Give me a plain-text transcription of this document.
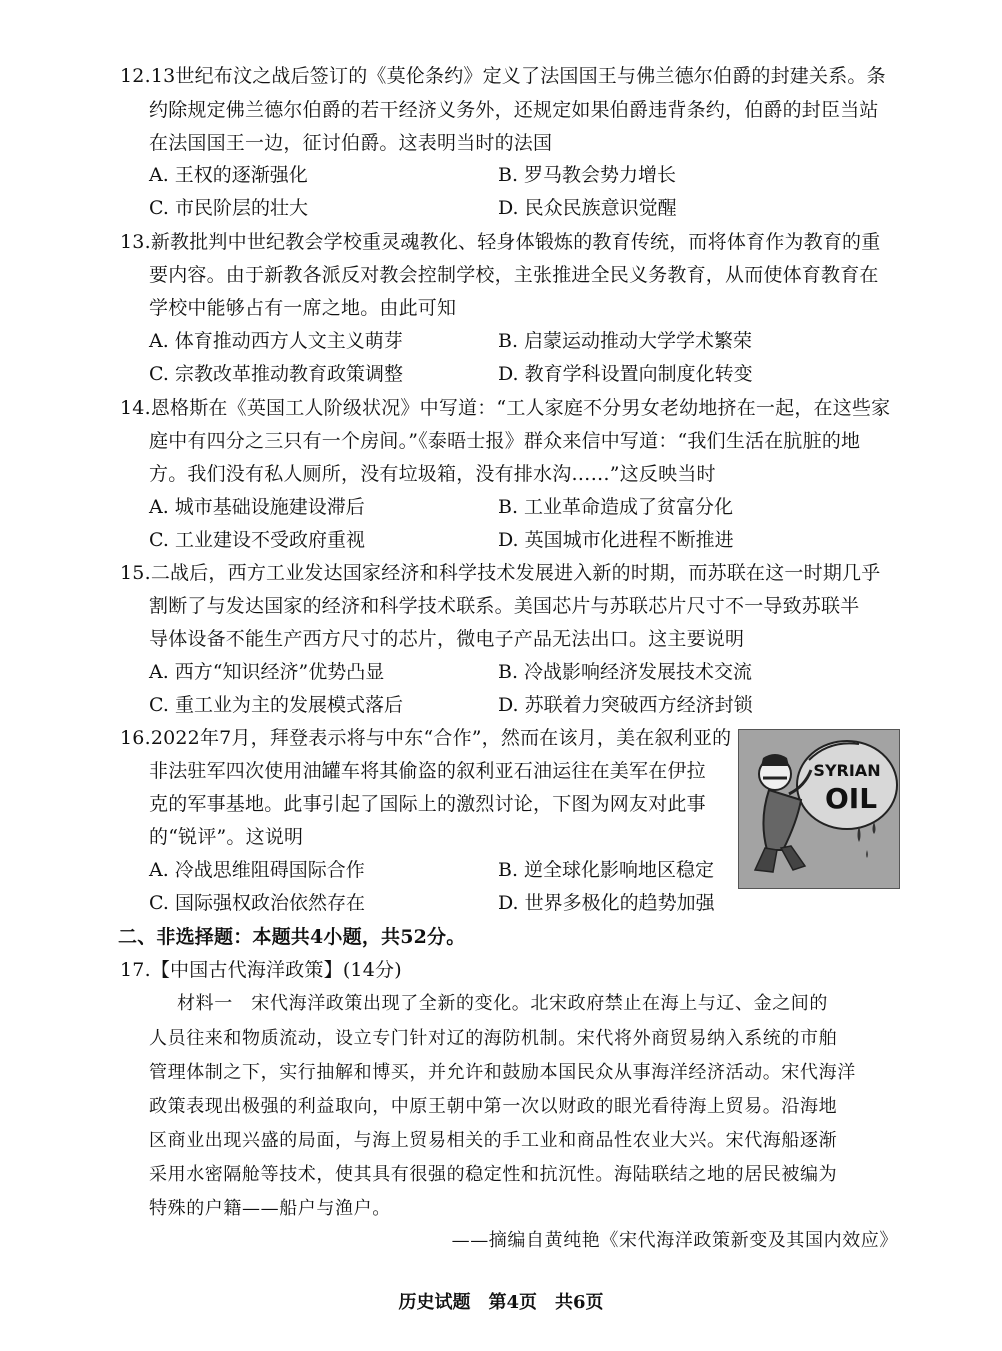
12.13世纪布汶之战后签订的《莫伦条约》定义了法国国王与佛兰德尔伯爵的封建关系。条
约除规定佛兰德尔伯爵的若干经济义务外，还规定如果伯爵违背条约，伯爵的封臣当站
在法国国王一边，征讨伯爵。这表明当时的法国
A. 王权的逐渐强化	B. 罗马教会势力增长
C. 市民阶层的壮大	D. 民众民族意识觉醒
13.新教批判中世纪教会学校重灵魂教化、轻身体锻炼的教育传统，而将体育作为教育的重
要内容。由于新教各派反对教会控制学校，主张推进全民义务教育，从而使体育教育在
学校中能够占有一席之地。由此可知
A. 体育推动西方人文主义萌芽	B. 启蒙运动推动大学学术繁荣
C. 宗教改革推动教育政策调整	D. 教育学科设置向制度化转变
14.恩格斯在《英国工人阶级状况》中写道：“工人家庭不分男女老幼地挤在一起，在这些家
庭中有四分之三只有一个房间。”《泰晤士报》群众来信中写道：“我们生活在肮脏的地
方。我们没有私人厕所，没有垃圾箱，没有排水沟……”这反映当时
A. 城市基础设施建设滞后	B. 工业革命造成了贫富分化
C. 工业建设不受政府重视	D. 英国城市化进程不断推进
15.二战后，西方工业发达国家经济和科学技术发展进入新的时期，而苏联在这一时期几乎
割断了与发达国家的经济和科学技术联系。美国芯片与苏联芯片尺寸不一导致苏联半
导体设备不能生产西方尺寸的芯片，微电子产品无法出口。这主要说明
A. 西方“知识经济”优势凸显	B. 冷战影响经济发展技术交流
C. 重工业为主的发展模式落后	D. 苏联着力突破西方经济封锁
16.2022年7月，拜登表示将与中东“合作”，然而在该月，美在叙利亚的
非法驻军四次使用油罐车将其偷盗的叙利亚石油运往在美军在伊拉
克的军事基地。此事引起了国际上的激烈讨论，下图为网友对此事
的“锐评”。这说明
A. 冷战思维阻碍国际合作	B. 逆全球化影响地区稳定
C. 国际强权政治依然存在	D. 世界多极化的趋势加强
SYRIAN
OIL
二、非选择题：本题共4小题，共52分。
17.【中国古代海洋政策】(14分)
材料一　宋代海洋政策出现了全新的变化。北宋政府禁止在海上与辽、金之间的
人员往来和物质流动，设立专门针对辽的海防机制。宋代将外商贸易纳入系统的市舶
管理体制之下，实行抽解和博买，并允许和鼓励本国民众从事海洋经济活动。宋代海洋
政策表现出极强的利益取向，中原王朝中第一次以财政的眼光看待海上贸易。沿海地
区商业出现兴盛的局面，与海上贸易相关的手工业和商品性农业大兴。宋代海船逐渐
采用水密隔舱等技术，使其具有很强的稳定性和抗沉性。海陆联结之地的居民被编为
特殊的户籍——船户与渔户。
——摘编自黄纯艳《宋代海洋政策新变及其国内效应》
历史试题　第4页　共6页
